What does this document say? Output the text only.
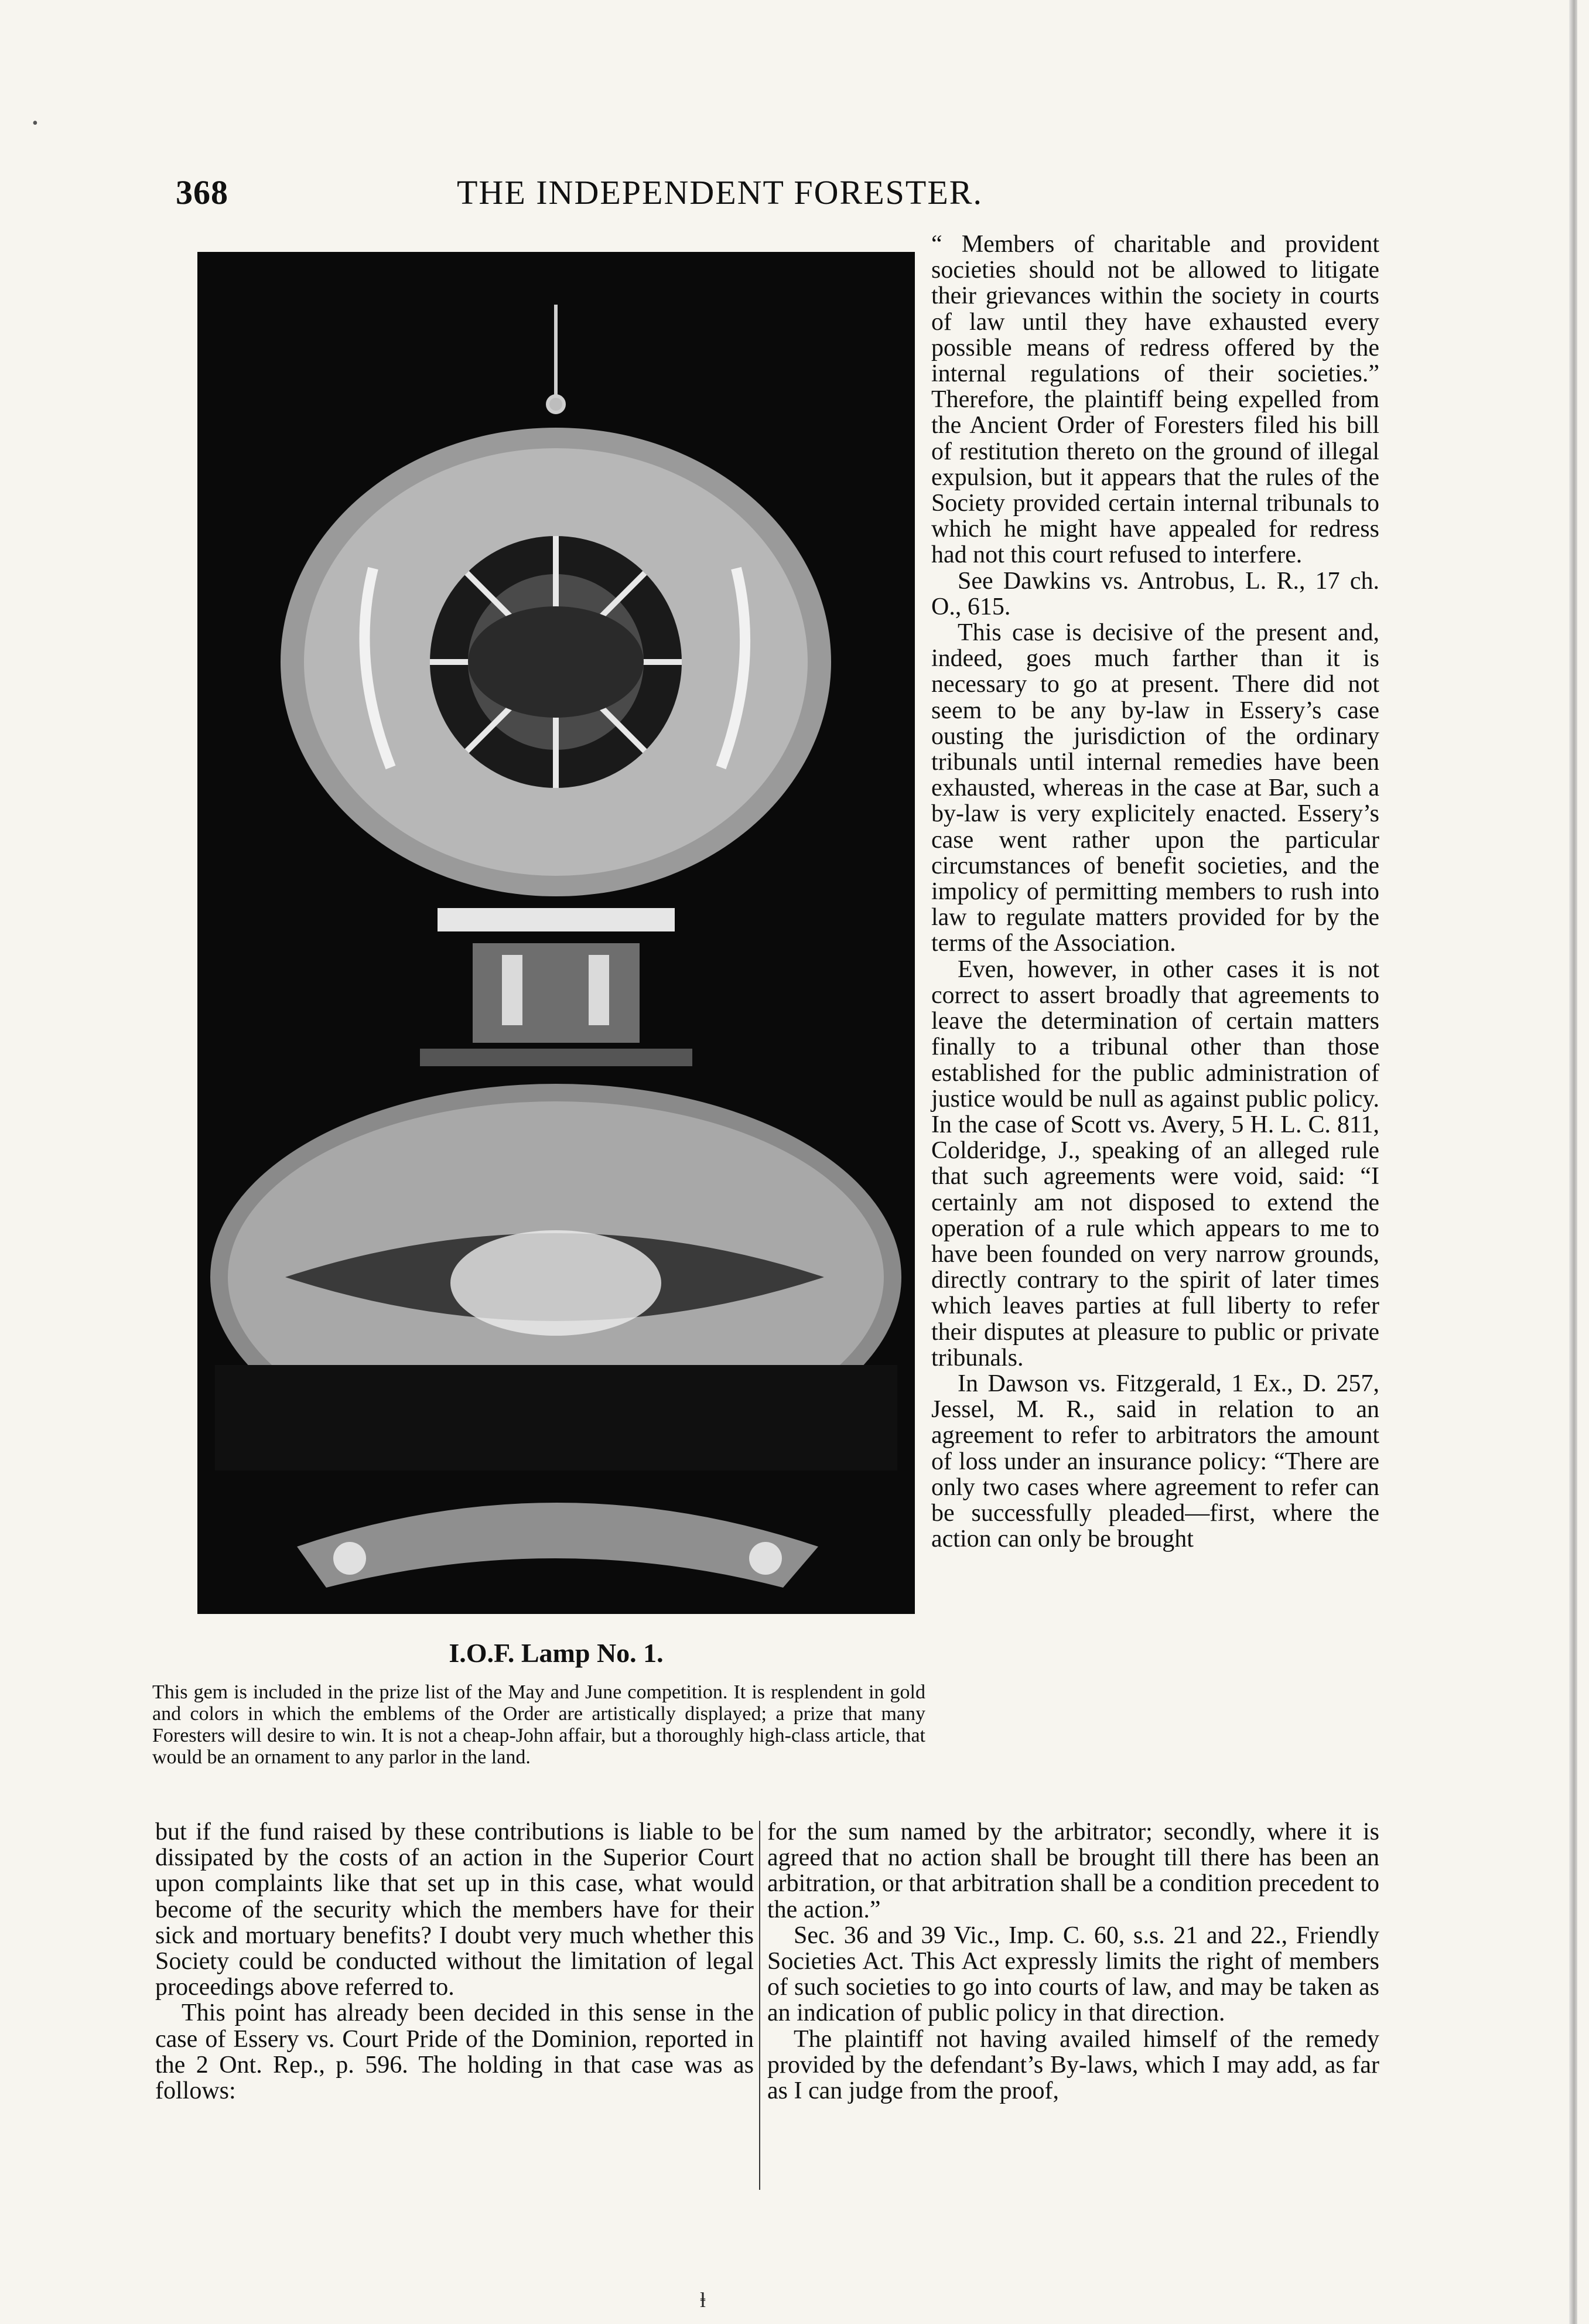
•
368	THE INDEPENDENT FORESTER.
I.O.F. Lamp No. 1.
This gem is included in the prize list of the May and June competition. It is resplendent in gold and colors in which the emblems of the Order are artistically displayed; a prize that many Foresters will desire to win. It is not a cheap-John affair, but a thoroughly high-class article, that would be an ornament to any parlor in the land.

“ Members of charitable and provident societies should not be allowed to litigate their grievances within the society in courts of law until they have exhausted every possible means of redress offered by the internal regulations of their societies.” Therefore, the plaintiff being expelled from the Ancient Order of Foresters filed his bill of restitution thereto on the ground of illegal expulsion, but it appears that the rules of the Society provided certain internal tribunals to which he might have appealed for redress had not this court refused to interfere.

See Dawkins vs. Antrobus, L. R., 17 ch. O., 615.

This case is decisive of the present and, indeed, goes much farther than it is necessary to go at present. There did not seem to be any by-law in Essery’s case ousting the jurisdiction of the ordinary tribunals until internal remedies have been exhausted, whereas in the case at Bar, such a by-law is very explicitely enacted. Essery’s case went rather upon the particular circumstances of benefit societies, and the impolicy of permitting members to rush into law to regulate matters provided for by the terms of the Association.

Even, however, in other cases it is not correct to assert broadly that agreements to leave the determination of certain matters finally to a tribunal other than those established for the public administration of justice would be null as against public policy. In the case of Scott vs. Avery, 5 H. L. C. 811, Colderidge, J., speaking of an alleged rule that such agreements were void, said: “I certainly am not disposed to extend the operation of a rule which appears to me to have been founded on very narrow grounds, directly contrary to the spirit of later times which leaves parties at full liberty to refer their disputes at pleasure to public or private tribunals.

In Dawson vs. Fitzgerald, 1 Ex., D. 257, Jessel, M. R., said in relation to an agreement to refer to arbitrators the amount of loss under an insurance policy: “There are only two cases where agreement to refer can be successfully pleaded—first, where the action can only be brought

but if the fund raised by these contributions is liable to be dissipated by the costs of an action in the Superior Court upon complaints like that set up in this case, what would become of the security which the members have for their sick and mortuary benefits? I doubt very much whether this Society could be conducted without the limitation of legal proceedings above referred to.

This point has already been decided in this sense in the case of Essery vs. Court Pride of the Dominion, reported in the 2 Ont. Rep., p. 596. The holding in that case was as follows:

for the sum named by the arbitrator; secondly, where it is agreed that no action shall be brought till there has been an arbitration, or that arbitration shall be a condition precedent to the action.”

Sec. 36 and 39 Vic., Imp. C. 60, s.s. 21 and 22., Friendly Societies Act. This Act expressly limits the right of members of such societies to go into courts of law, and may be taken as an indication of public policy in that direction.

The plaintiff not having availed himself of the remedy provided by the defendant’s By-laws, which I may add, as far as I can judge from the proof,

ⱡ
